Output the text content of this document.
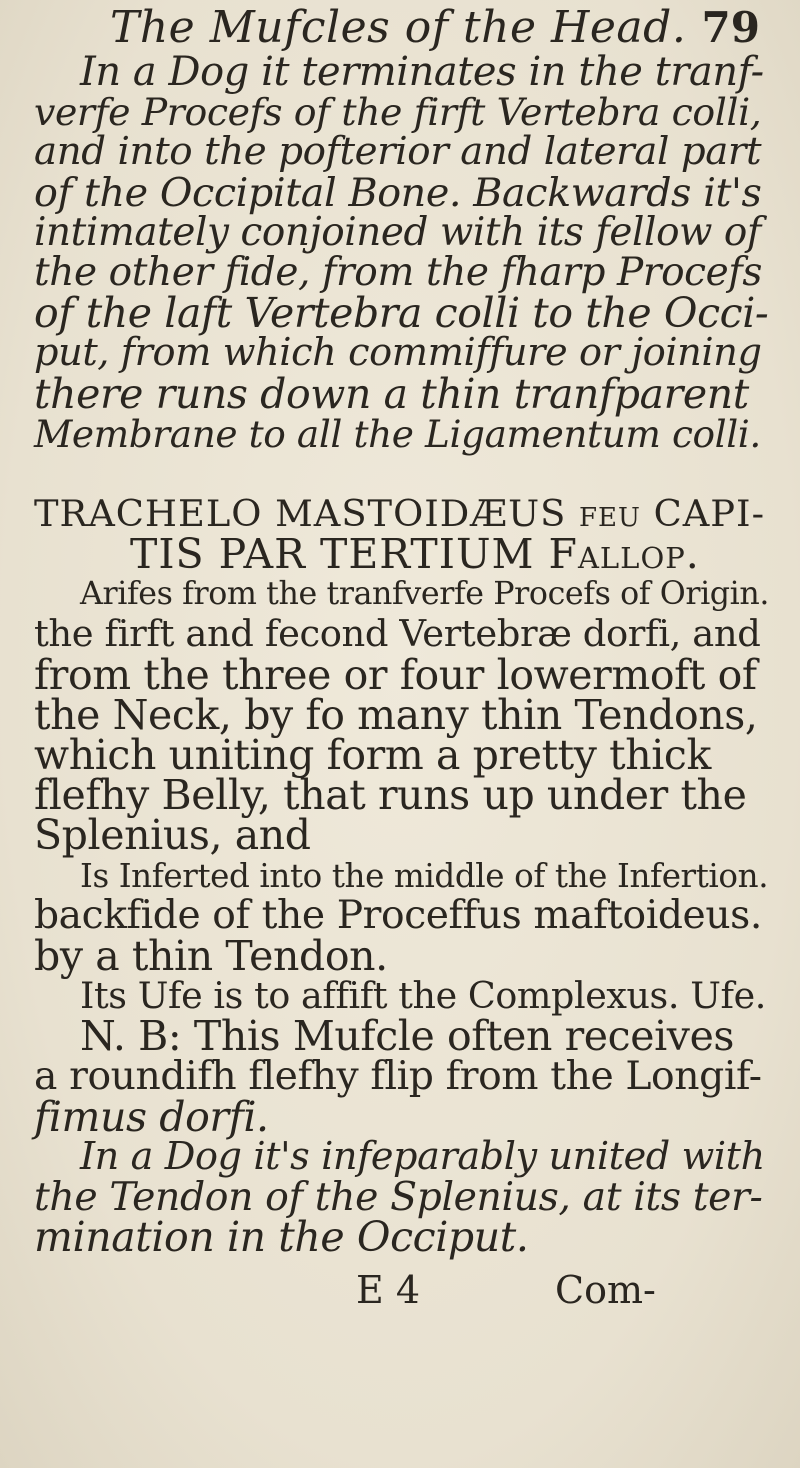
The Mufcles of the Head. 79
In a Dog it terminates in the tranf-
verfe Procefs of the firft Vertebra colli,
and into the pofterior and lateral part
of the Occipital Bone. Backwards it's
intimately conjoined with its fellow of
the other fide, from the fharp Procefs
of the laft Vertebra colli to the Occi-
put, from which commiffure or joining
there runs down a thin tranfparent
Membrane to all the Ligamentum colli.
TRACHELO MASTOIDÆUS feu CAPI-
TIS PAR TERTIUM Fallop.
Arifes from the tranfverfe Procefs of Origin.
the firft and fecond Vertebræ dorfi, and
from the three or four lowermoft of
the Neck, by fo many thin Tendons,
which uniting form a pretty thick
flefhy Belly, that runs up under the
Splenius, and
Is Inferted into the middle of the Infertion.
backfide of the Proceffus maftoideus.
by a thin Tendon.
Its Ufe is to affift the Complexus. Ufe.
N. B: This Mufcle often receives
a roundifh flefhy flip from the Longif-
fimus dorfi.
In a Dog it's infeparably united with
the Tendon of the Splenius, at its ter-
mination in the Occiput.
E 4	Com-
